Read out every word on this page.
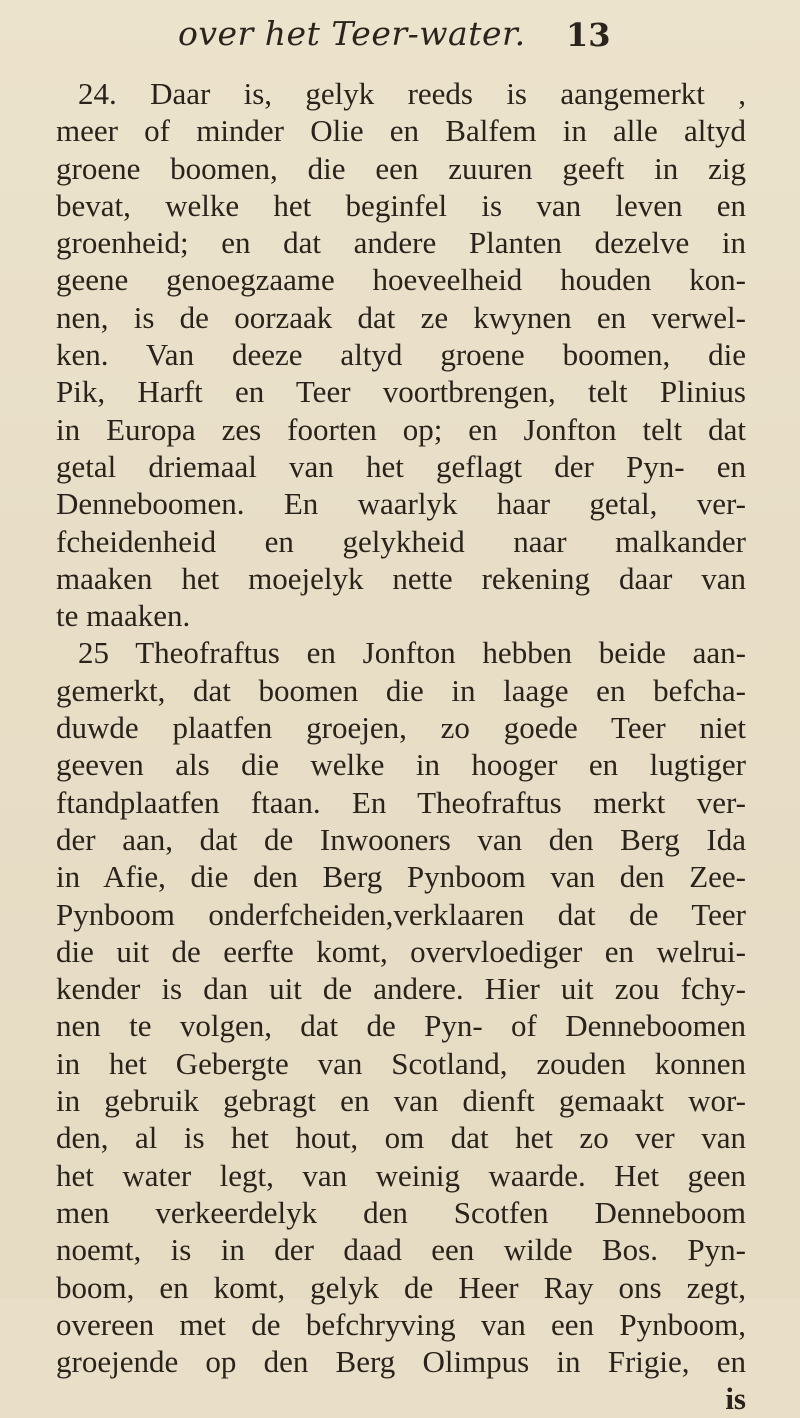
over het Teer-water. 13
24. Daar is, gelyk reeds is aangemerkt ,
meer of minder Olie en Balfem in alle altyd
groene boomen, die een zuuren geeft in zig
bevat, welke het beginfel is van leven en
groenheid; en dat andere Planten dezelve in
geene genoegzaame hoeveelheid houden kon-
nen, is de oorzaak dat ze kwynen en verwel-
ken. Van deeze altyd groene boomen, die
Pik, Harft en Teer voortbrengen, telt Plinius
in Europa zes foorten op; en Jonfton telt dat
getal driemaal van het geflagt der Pyn- en
Denneboomen. En waarlyk haar getal, ver-
fcheidenheid en gelykheid naar malkander
maaken het moejelyk nette rekening daar van
te maaken.
25 Theofraftus en Jonfton hebben beide aan-
gemerkt, dat boomen die in laage en befcha-
duwde plaatfen groejen, zo goede Teer niet
geeven als die welke in hooger en lugtiger
ftandplaatfen ftaan. En Theofraftus merkt ver-
der aan, dat de Inwooners van den Berg Ida
in Afie, die den Berg Pynboom van den Zee-
Pynboom onderfcheiden,verklaaren dat de Teer
die uit de eerfte komt, overvloediger en welrui-
kender is dan uit de andere. Hier uit zou fchy-
nen te volgen, dat de Pyn- of Denneboomen
in het Gebergte van Scotland, zouden konnen
in gebruik gebragt en van dienft gemaakt wor-
den, al is het hout, om dat het zo ver van
het water legt, van weinig waarde. Het geen
men verkeerdelyk den Scotfen Denneboom
noemt, is in der daad een wilde Bos. Pyn-
boom, en komt, gelyk de Heer Ray ons zegt,
overeen met de befchryving van een Pynboom,
groejende op den Berg Olimpus in Frigie, en
is
